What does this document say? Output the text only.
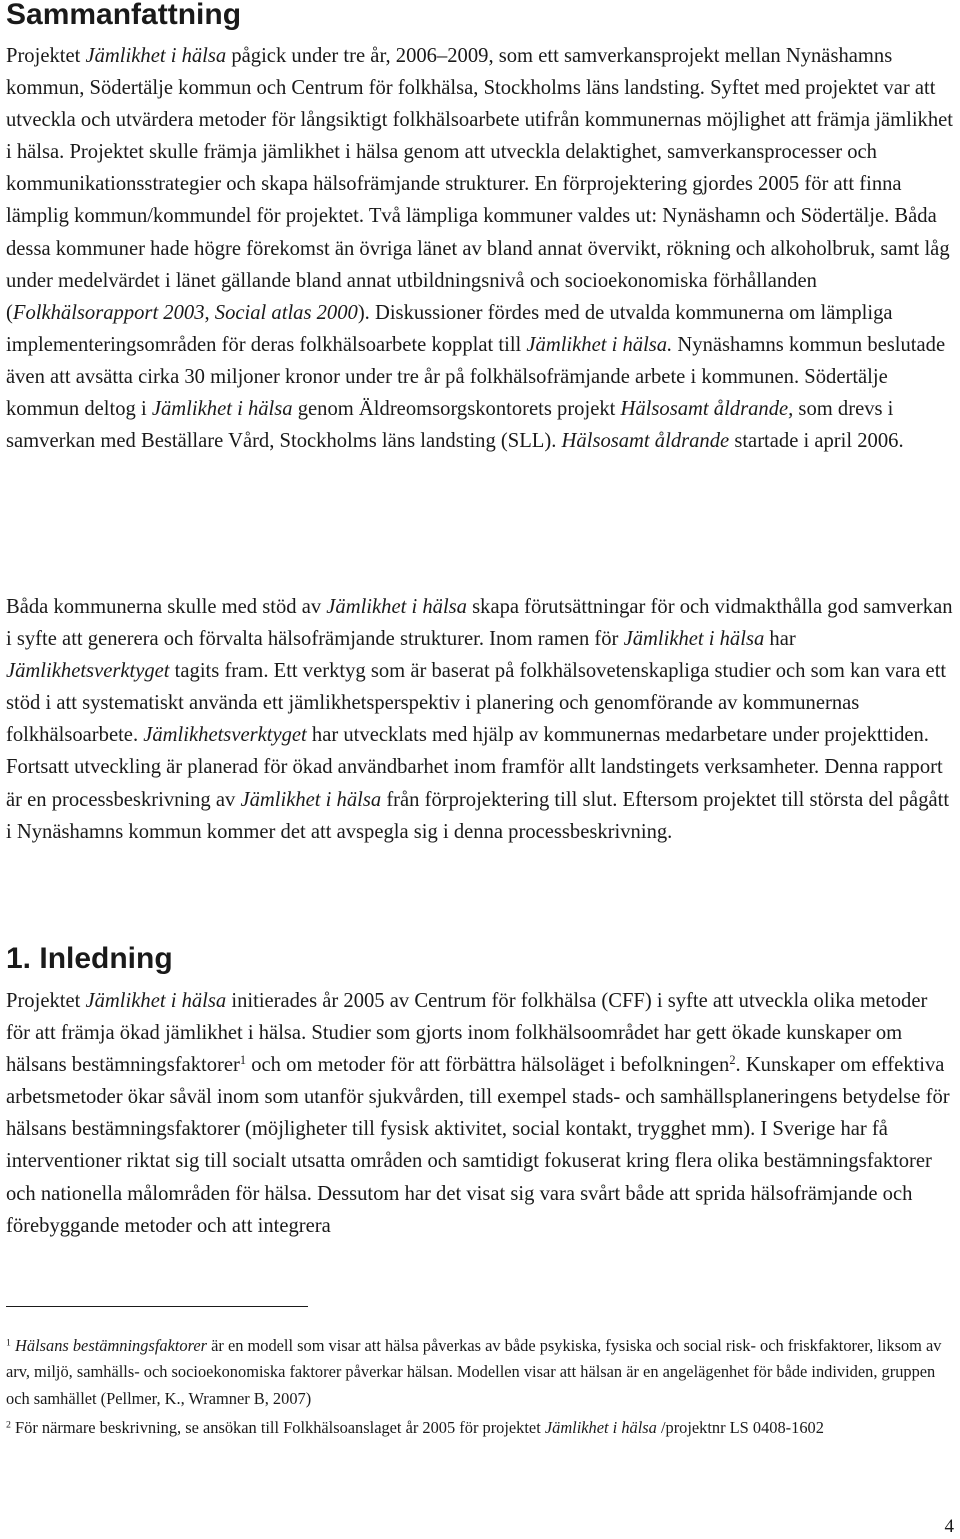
Sammanfattning

Projektet Jämlikhet i hälsa pågick under tre år, 2006–2009, som ett samverkansprojekt mellan Nynäshamns kommun, Södertälje kommun och Centrum för folkhälsa, Stockholms läns landsting. Syftet med projektet var att utveckla och utvärdera metoder för långsiktigt folkhälsoarbete utifrån kommunernas möjlighet att främja jämlikhet i hälsa. Projektet skulle främja jämlikhet i hälsa genom att utveckla delaktighet, samverkansprocesser och kommunikationsstrategier och skapa hälsofrämjande strukturer. En förprojektering gjordes 2005 för att finna lämplig kommun/kommundel för projektet. Två lämpliga kommuner valdes ut: Nynäshamn och Södertälje. Båda dessa kommuner hade högre förekomst än övriga länet av bland annat övervikt, rökning och alkoholbruk, samt låg under medelvärdet i länet gällande bland annat utbildningsnivå och socioekonomiska förhållanden (Folkhälsorapport 2003, Social atlas 2000). Diskussioner fördes med de utvalda kommunerna om lämpliga implementeringsområden för deras folkhälsoarbete kopplat till Jämlikhet i hälsa. Nynäshamns kommun beslutade även att avsätta cirka 30 miljoner kronor under tre år på folkhälsofrämjande arbete i kommunen. Södertälje kommun deltog i Jämlikhet i hälsa genom Äldreomsorgskontorets projekt Hälsosamt åldrande, som drevs i samverkan med Beställare Vård, Stockholms läns landsting (SLL). Hälsosamt åldrande startade i april 2006.

Båda kommunerna skulle med stöd av Jämlikhet i hälsa skapa förutsättningar för och vidmakthålla god samverkan i syfte att generera och förvalta hälsofrämjande strukturer. Inom ramen för Jämlikhet i hälsa har Jämlikhetsverktyget tagits fram. Ett verktyg som är baserat på folkhälsovetenskapliga studier och som kan vara ett stöd i att systematiskt använda ett jämlikhetsperspektiv i planering och genomförande av kommunernas folkhälsoarbete. Jämlikhetsverktyget har utvecklats med hjälp av kommunernas medarbetare under projekttiden. Fortsatt utveckling är planerad för ökad användbarhet inom framför allt landstingets verksamheter. Denna rapport är en processbeskrivning av Jämlikhet i hälsa från förprojektering till slut. Eftersom projektet till största del pågått i Nynäshamns kommun kommer det att avspegla sig i denna processbeskrivning.

1. Inledning

Projektet Jämlikhet i hälsa initierades år 2005 av Centrum för folkhälsa (CFF) i syfte att utveckla olika metoder för att främja ökad jämlikhet i hälsa. Studier som gjorts inom folkhälsoområdet har gett ökade kunskaper om hälsans bestämningsfaktorer$^1$ och om metoder för att förbättra hälsoläget i befolkningen$^2$. Kunskaper om effektiva arbetsmetoder ökar såväl inom som utanför sjukvården, till exempel stads- och samhällsplaneringens betydelse för hälsans bestämningsfaktorer (möjligheter till fysisk aktivitet, social kontakt, trygghet mm). I Sverige har få interventioner riktat sig till socialt utsatta områden och samtidigt fokuserat kring flera olika bestämningsfaktorer och nationella målområden för hälsa. Dessutom har det visat sig vara svårt både att sprida hälsofrämjande och förebyggande metoder och att integrera

$^1$ Hälsans bestämningsfaktorer är en modell som visar att hälsa påverkas av både psykiska, fysiska och social risk- och friskfaktorer, liksom av arv, miljö, samhälls- och socioekonomiska faktorer påverkar hälsan. Modellen visar att hälsan är en angelägenhet för både individen, gruppen och samhället (Pellmer, K., Wramner B, 2007)

$^2$ För närmare beskrivning, se ansökan till Folkhälsoanslaget år 2005 för projektet Jämlikhet i hälsa /projektnr LS 0408-1602

4
